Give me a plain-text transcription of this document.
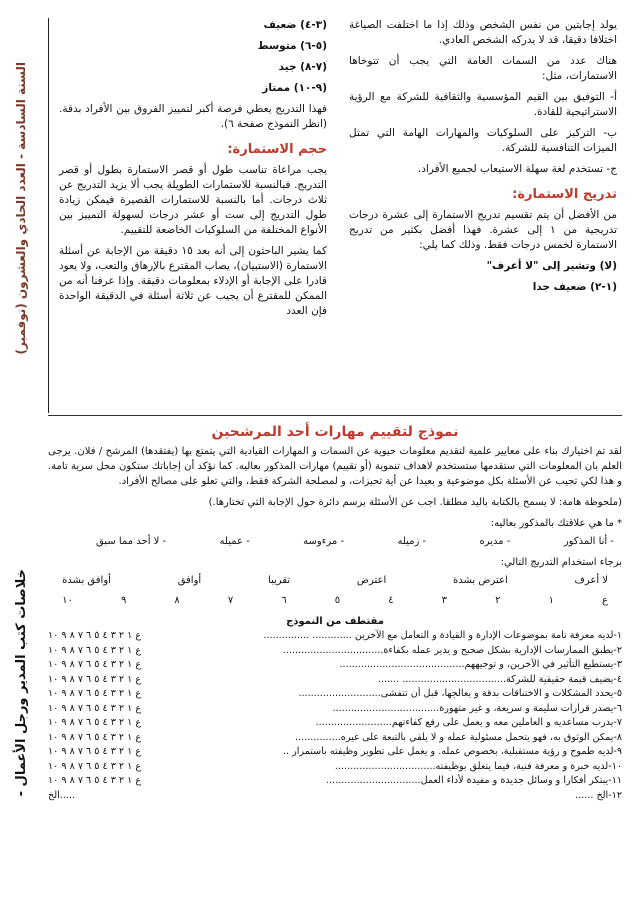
السنة السادسة - العدد الحادي والعشرون (نوفمبر)
خلاصات كتب المدير ورجل الأعمال -

يولد إجابتين من نفس الشخص وذلك إذا ما اختلفت الصياغة اختلافا دقيقا، قد لا يدركه الشخص العادي.

هناك عدد من السمات العامة التي يجب أن تتوخاها الاستمارات، مثل:

أ- التوفيق بين القيم المؤسسية والثقافية للشركة مع الرؤية الاستراتيجية للقادة.

ب- التركيز على السلوكيات والمهارات الهامة التي تمثل الميزات التنافسية للشركة.

ج- تستخدم لغة سهلة الاستيعاب لجميع الأفراد.

تدريج الاستمارة:

من الأفضل أن يتم تقسيم تدريج الاستمارة إلى عشرة درجات تدريجية من ١ إلى عشرة. فهذا أفضل بكثير من تدريج الاستمارة لخمس درجات فقط. وذلك كما يلي:

(لا) وتشير إلى "لا أعرف"

(١-٢) ضعيف جدا

(٣-٤) ضعيف

(٥-٦) متوسط

(٧-٨) جيد

(٩-١٠) ممتاز

فهذا التدريج يعطي فرصة أكبر لتمييز الفروق بين الأفراد بدقة. (انظر النموذج صفحة ٦).

حجم الاستمارة:

يجب مراعاة تناسب طول أو قصر الاستمارة بطول أو قصر التدريج. فبالنسبة للاستمارات الطويلة يجب ألا يزيد التدريج عن ثلاث درجات. أما بالنسبة للاستمارات القصيرة فيمكن زيادة طول التدريج إلى ست أو عشر درجات لسهولة التمييز بين الأنواع المختلفة من السلوكيات الخاضعة للتقييم.

كما يشير الباحثون إلى أنه بعد ١٥ دقيقة من الإجابة عن أسئلة الاستمارة (الاستبيان)، يصاب المقترع بالإرهاق والتعب، ولا يعود قادرا على الإجابة أو الإدلاء بمعلومات دقيقة. وإذا عرفنا أنه من الممكن للمقترع أن يجيب عن ثلاثة أسئلة في الدقيقة الواحدة فإن العدد

نموذج لتقييم مهارات أحد المرشحين

لقد تم اختيارك بناء على معايير علمية لتقديم معلومات حيوية عن السمات و المهارات القيادية التي يتمتع بها (يفتقدها) المرشح / فلان. يرجى العلم بان المعلومات التي ستقدمها ستستخدم لاهداف تنموية (أو تقييم) مهارات المذكور بعاليه. كما نؤكد أن إجاباتك ستكون محل سرية تامة. و هذا لكي تجيب عن الأسئلة بكل موضوعية و بعيدا عن أية تحيزات، و لمصلحة الشركة فقط، والتي تعلو على مصالح الأفراد.

(ملحوظة هامة: لا يسمح بالكتابة باليد مطلقا. اجب عن الأسئلة برسم دائرة حول الإجابة التي تختارها.)

* ما هي علاقتك بالمذكور بعاليه:

- أنا المذكور
- مديره
- زميله
- مرءوسه
- عميله
- لا أحد مما سبق

برجاء استخدام التدريج التالي:

لا أعرف
اعترض بشدة
اعترض
تقريبا
أوافق
أوافق بشدة
ع
١
٢
٣
٤
٥
٦
٧
٨
٩
١٠
مقتطف من النموذج
١-لديه معرفة تامة بموضوعات الإدارة و القيادة و التعامل مع الآخرين ............. ...............
ع ١ ٢ ٣ ٤ ٥ ٦ ٧ ٨ ٩ ١٠
٢-يطبق الممارسات الإدارية بشكل صحيح و يدير عمله بكفاءة.................................
ع ١ ٢ ٣ ٤ ٥ ٦ ٧ ٨ ٩ ١٠
٣-يستطيع التأثير في الآخرين، و توجيههم.........................................
ع ١ ٢ ٣ ٤ ٥ ٦ ٧ ٨ ٩ ١٠
٤-يضيف قيمة حقيقية للشركة.................................. .......
ع ١ ٢ ٣ ٤ ٥ ٦ ٧ ٨ ٩ ١٠
٥-يحدد المشكلات و الاختناقات بدقة و يعالجها، قبل أن تتفشى...........................
ع ١ ٢ ٣ ٤ ٥ ٦ ٧ ٨ ٩ ١٠
٦-يصدر قرارات سليمة و سريعة، و غير متهورة...................................
ع ١ ٢ ٣ ٤ ٥ ٦ ٧ ٨ ٩ ١٠
٧-يدرب مساعديه و العاملين معه و يعمل على رفع كفاءتهم.........................
ع ١ ٢ ٣ ٤ ٥ ٦ ٧ ٨ ٩ ١٠
٨-يمكن الوثوق به، فهو يتحمل مسئولية عمله و لا يلقي بالتبعة على غيره...............
ع ١ ٢ ٣ ٤ ٥ ٦ ٧ ٨ ٩ ١٠
٩-لديه طموح و رؤية مستقبلية، بخصوص عمله. و يعمل على تطوير وظيفته باستمرار ..
ع ١ ٢ ٣ ٤ ٥ ٦ ٧ ٨ ٩ ١٠
١٠-لديه خبرة و معرفة فنية، فيما يتعلق بوظيفته.................................
ع ١ ٢ ٣ ٤ ٥ ٦ ٧ ٨ ٩ ١٠
١١-يبتكر أفكارا و وسائل جديدة و مفيدة لأداء العمل...............................
ع ١ ٢ ٣ ٤ ٥ ٦ ٧ ٨ ٩ ١٠
١٢-الخ ......
الخ.....
